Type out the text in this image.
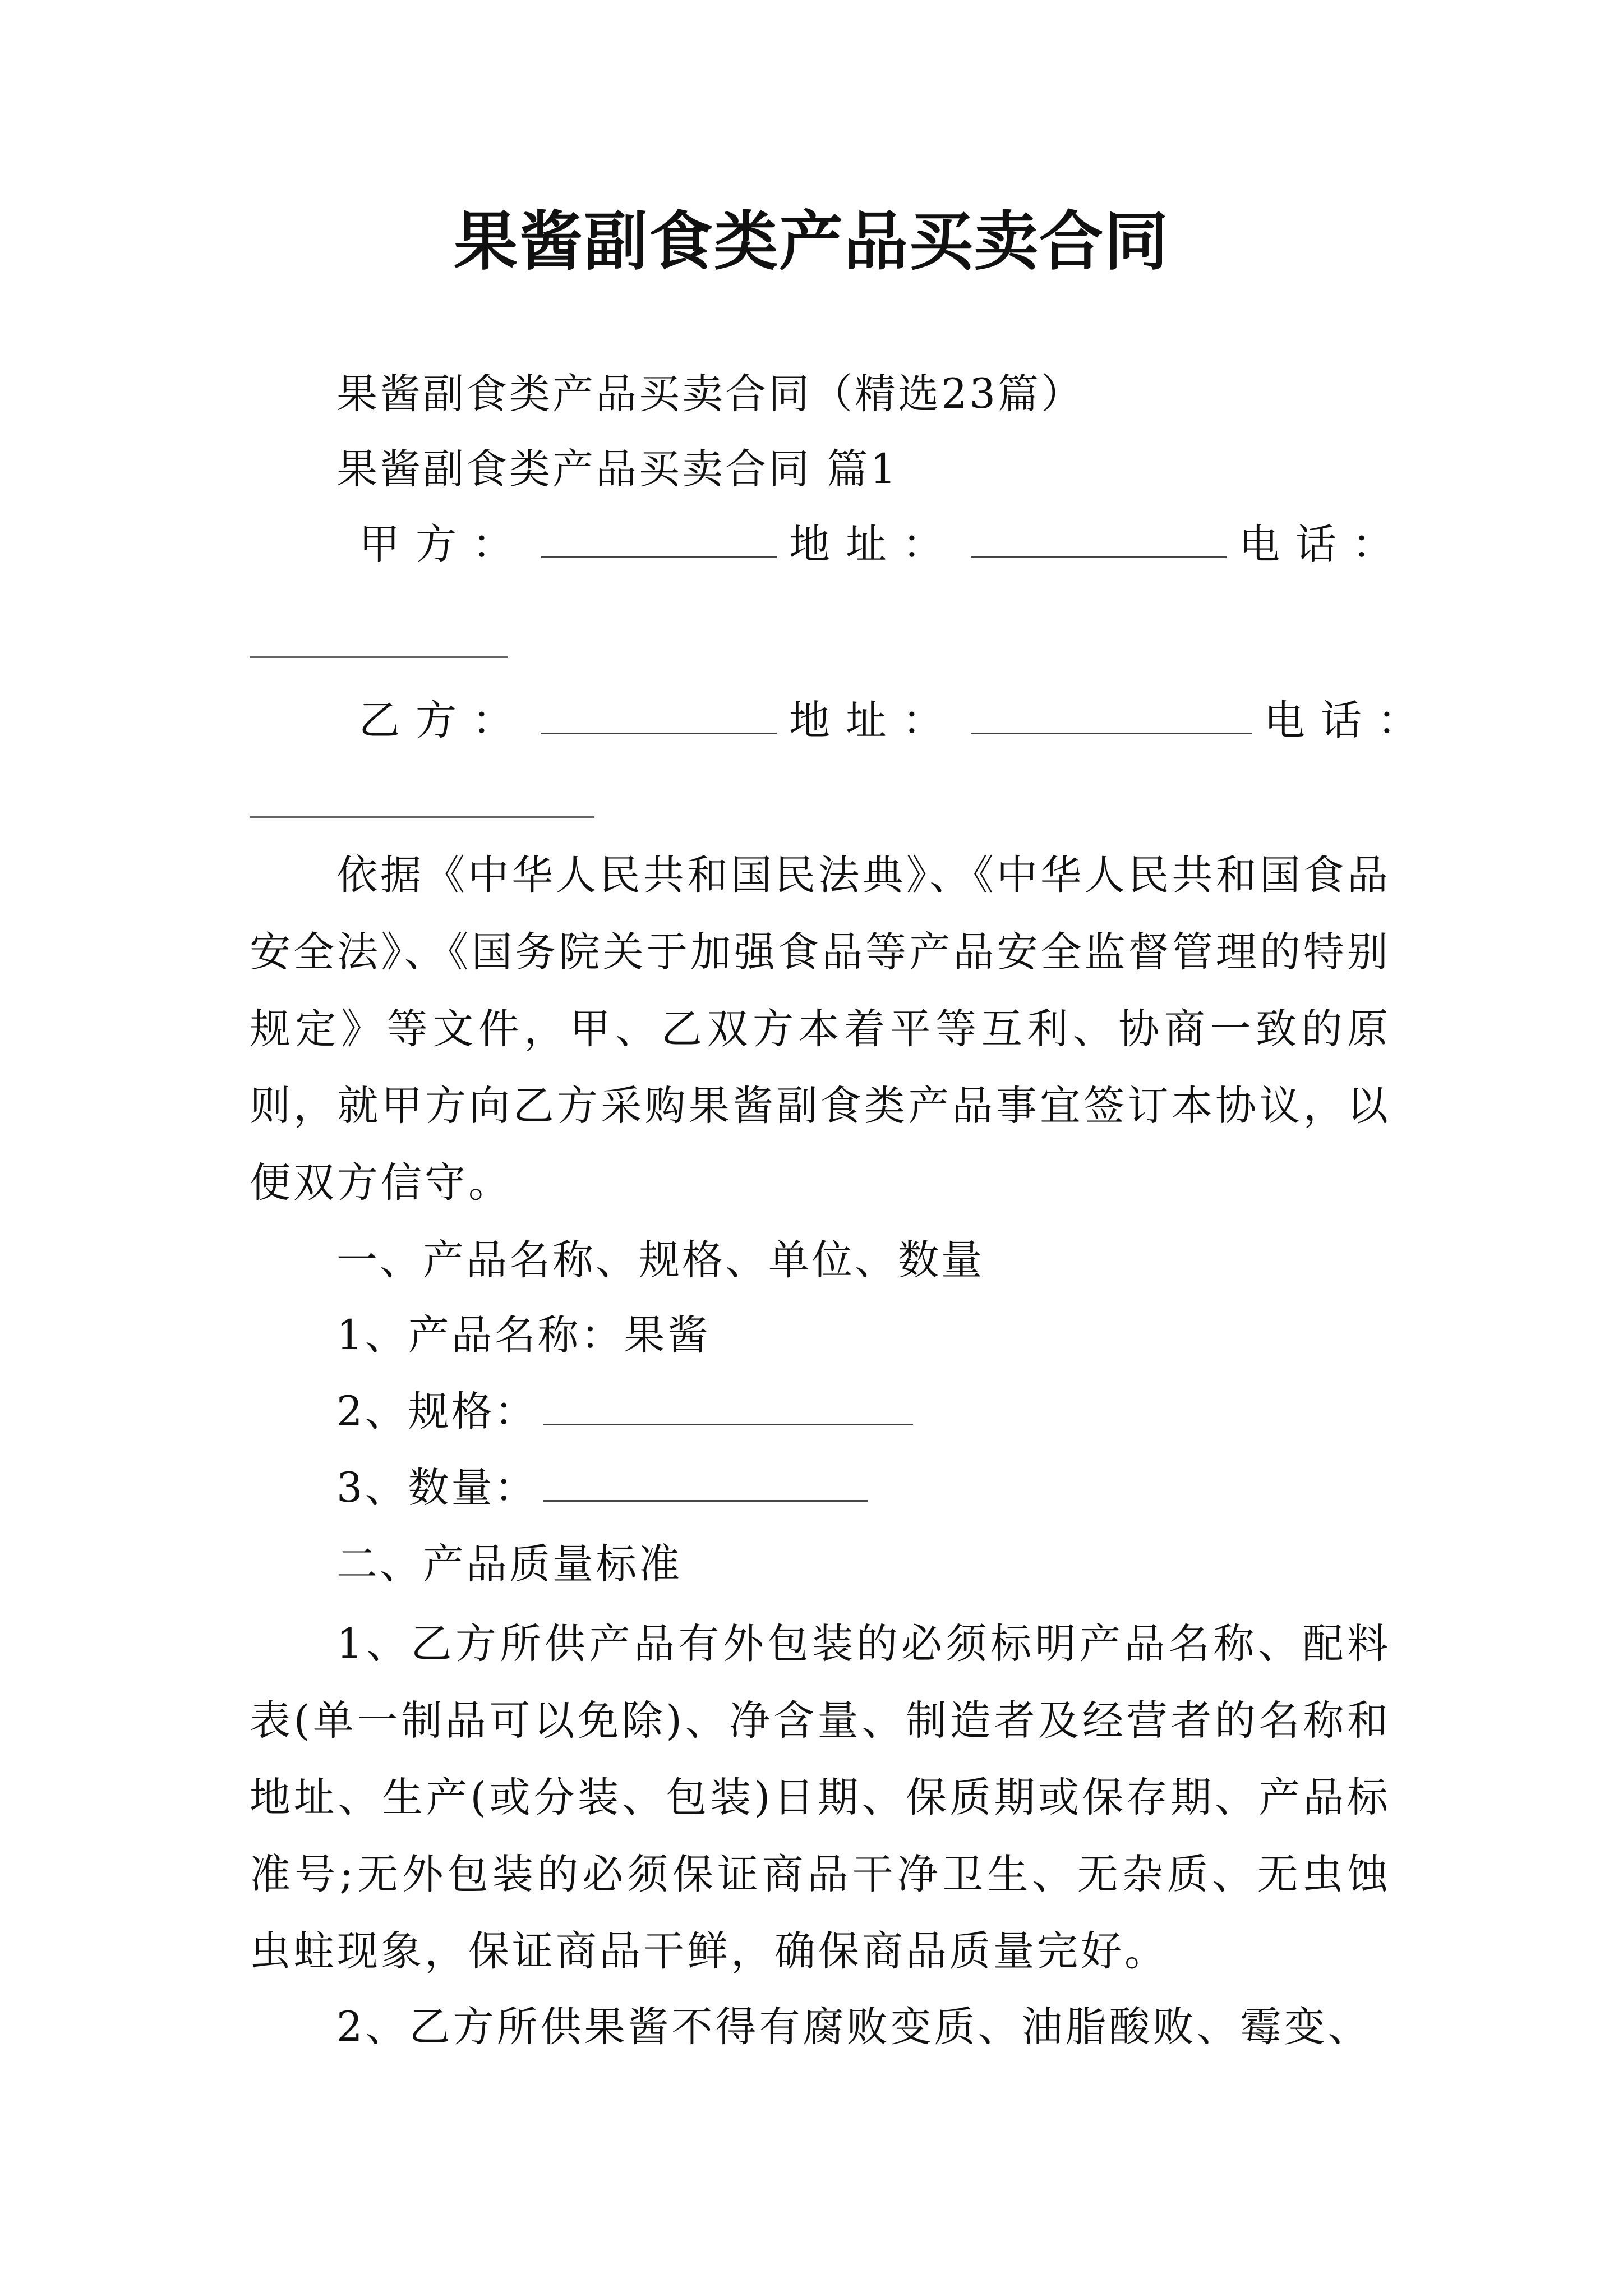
果酱副食类产品买卖合同
果酱副食类产品买卖合同（精选23篇）
果酱副食类产品买卖合同 篇1
甲方：	地址：	电话：
乙方：	地址：	电话：

依据《中华人民共和国民法典》、《中华人民共和国食品安全法》、《国务院关于加强食品等产品安全监督管理的特别规定》等文件，甲、乙双方本着平等互利、协商一致的原则，就甲方向乙方采购果酱副食类产品事宜签订本协议，以便双方信守。

一、产品名称、规格、单位、数量
1、产品名称：果酱
2、规格：
3、数量：
二、产品质量标准

1、乙方所供产品有外包装的必须标明产品名称、配料表(单一制品可以免除)、净含量、制造者及经营者的名称和地址、生产(或分装、包装)日期、保质期或保存期、产品标准号;无外包装的必须保证商品干净卫生、无杂质、无虫蚀虫蛀现象，保证商品干鲜，确保商品质量完好。

2、乙方所供果酱不得有腐败变质、油脂酸败、霉变、
